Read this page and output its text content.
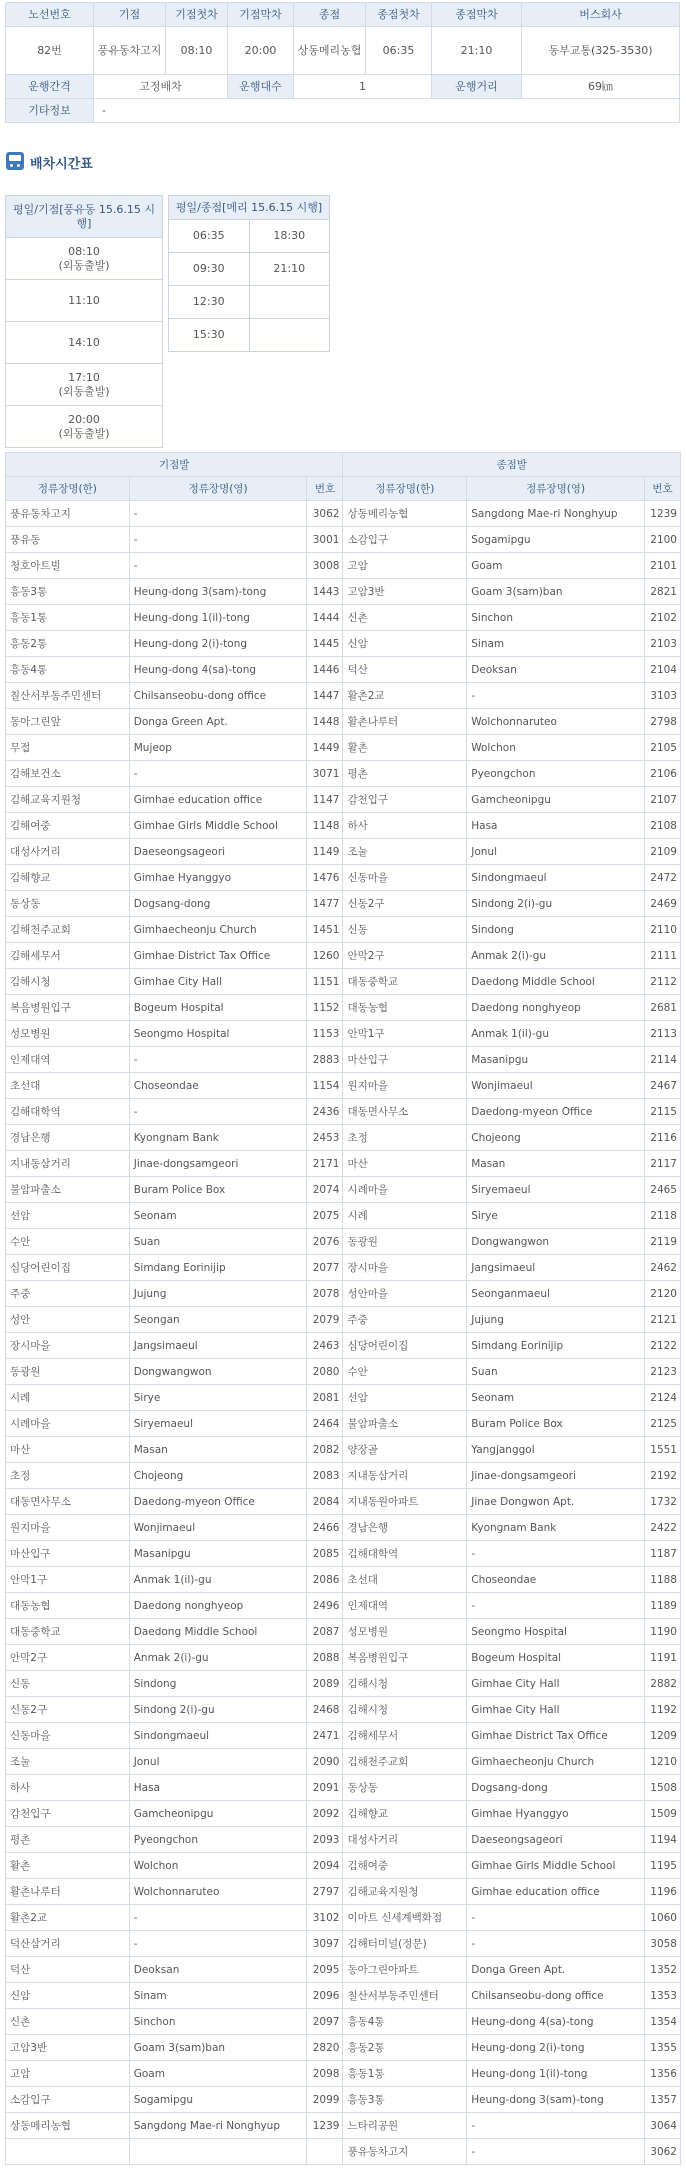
노선번호	기점	기점첫차	기점막차	종점	종점첫차	종점막차	버스회사
82번	풍유동차고지	08:10	20:00	상동메리농협	06:35	21:10	동부교통(325-3530)
운행간격	고정배차		운행대수	1		운행거리	69㎞
기타정보	-						
배차시간표
평일/기점[풍유동 15.6.15 시행]
08:10
(외동출발)
11:10
14:10
17:10
(외동출발)
20:00
(외동출발)
평일/종점[메리 15.6.15 시행]	
06:35	18:30
09:30	21:10
12:30	
15:30	
기점발			종점발		
정류장명(한)	정류장명(영)	번호	정류장명(한)	정류장명(영)	번호
풍유동차고지	-	3062	상동메리농협	Sangdong Mae-ri Nonghyup	1239
풍유동	-	3001	소감입구	Sogamipgu	2100
청호아트빌	-	3008	고암	Goam	2101
흥동3통	Heung-dong 3(sam)-tong	1443	고암3반	Goam 3(sam)ban	2821
흥동1통	Heung-dong 1(il)-tong	1444	신촌	Sinchon	2102
흥동2통	Heung-dong 2(i)-tong	1445	신암	Sinam	2103
흥동4통	Heung-dong 4(sa)-tong	1446	덕산	Deoksan	2104
칠산서부동주민센터	Chilsanseobu-dong office	1447	활촌2교	-	3103
동아그린앞	Donga Green Apt.	1448	활촌나루터	Wolchonnaruteo	2798
무접	Mujeop	1449	활촌	Wolchon	2105
김해보건소	-	3071	평촌	Pyeongchon	2106
김해교육지원청	Gimhae education office	1147	감천입구	Gamcheonipgu	2107
김해여중	Gimhae Girls Middle School	1148	하사	Hasa	2108
대성사거리	Daeseongsageori	1149	조눌	Jonul	2109
김해향교	Gimhae Hyanggyo	1476	신동마을	Sindongmaeul	2472
동상동	Dogsang-dong	1477	신동2구	Sindong 2(i)-gu	2469
김해천주교회	Gimhaecheonju Church	1451	신동	Sindong	2110
김해세무서	Gimhae District Tax Office	1260	안막2구	Anmak 2(i)-gu	2111
김해시청	Gimhae City Hall	1151	대동중학교	Daedong Middle School	2112
복음병원입구	Bogeum Hospital	1152	대동농협	Daedong nonghyeop	2681
성모병원	Seongmo Hospital	1153	안막1구	Anmak 1(il)-gu	2113
인제대역	-	2883	마산입구	Masanipgu	2114
초선대	Choseondae	1154	원지마을	Wonjimaeul	2467
김해대학역	-	2436	대동면사무소	Daedong-myeon Office	2115
경남은행	Kyongnam Bank	2453	초정	Chojeong	2116
지내동삼거리	Jinae-dongsamgeori	2171	마산	Masan	2117
불암파출소	Buram Police Box	2074	시례마을	Siryemaeul	2465
선암	Seonam	2075	시례	Sirye	2118
수안	Suan	2076	동광원	Dongwangwon	2119
심당어린이집	Simdang Eorinijip	2077	장시마을	Jangsimaeul	2462
주중	Jujung	2078	성안마을	Seonganmaeul	2120
성안	Seongan	2079	주중	Jujung	2121
장시마을	Jangsimaeul	2463	심당어린이집	Simdang Eorinijip	2122
동광원	Dongwangwon	2080	수안	Suan	2123
시례	Sirye	2081	선암	Seonam	2124
시례마을	Siryemaeul	2464	불암파출소	Buram Police Box	2125
마산	Masan	2082	양장골	Yangjanggol	1551
초정	Chojeong	2083	지내동삼거리	Jinae-dongsamgeori	2192
대동면사무소	Daedong-myeon Office	2084	지내동원아파트	Jinae Dongwon Apt.	1732
원지마을	Wonjimaeul	2466	경남은행	Kyongnam Bank	2422
마산입구	Masanipgu	2085	김해대학역	-	1187
안막1구	Anmak 1(il)-gu	2086	초선대	Choseondae	1188
대동농협	Daedong nonghyeop	2496	인제대역	-	1189
대동중학교	Daedong Middle School	2087	성모병원	Seongmo Hospital	1190
안막2구	Anmak 2(i)-gu	2088	복음병원입구	Bogeum Hospital	1191
신동	Sindong	2089	김해시청	Gimhae City Hall	2882
신동2구	Sindong 2(i)-gu	2468	김해시청	Gimhae City Hall	1192
신동마을	Sindongmaeul	2471	김해세무서	Gimhae District Tax Office	1209
조눌	Jonul	2090	김해천주교회	Gimhaecheonju Church	1210
하사	Hasa	2091	동상동	Dogsang-dong	1508
감천입구	Gamcheonipgu	2092	김해향교	Gimhae Hyanggyo	1509
평촌	Pyeongchon	2093	대성사거리	Daeseongsageori	1194
활촌	Wolchon	2094	김해여중	Gimhae Girls Middle School	1195
활촌나루터	Wolchonnaruteo	2797	김해교육지원청	Gimhae education office	1196
활촌2교	-	3102	이마트 신세계백화점	-	1060
덕산삼거리	-	3097	김해터미널(정문)	-	3058
덕산	Deoksan	2095	동아그린아파트	Donga Green Apt.	1352
신암	Sinam	2096	칠산서부동주민센터	Chilsanseobu-dong office	1353
신촌	Sinchon	2097	흥동4통	Heung-dong 4(sa)-tong	1354
고암3반	Goam 3(sam)ban	2820	흥동2통	Heung-dong 2(i)-tong	1355
고암	Goam	2098	흥동1통	Heung-dong 1(il)-tong	1356
소감입구	Sogamipgu	2099	흥동3통	Heung-dong 3(sam)-tong	1357
상동메리농협	Sangdong Mae-ri Nonghyup	1239	느타리공원	-	3064
			풍유동차고지	-	3062
